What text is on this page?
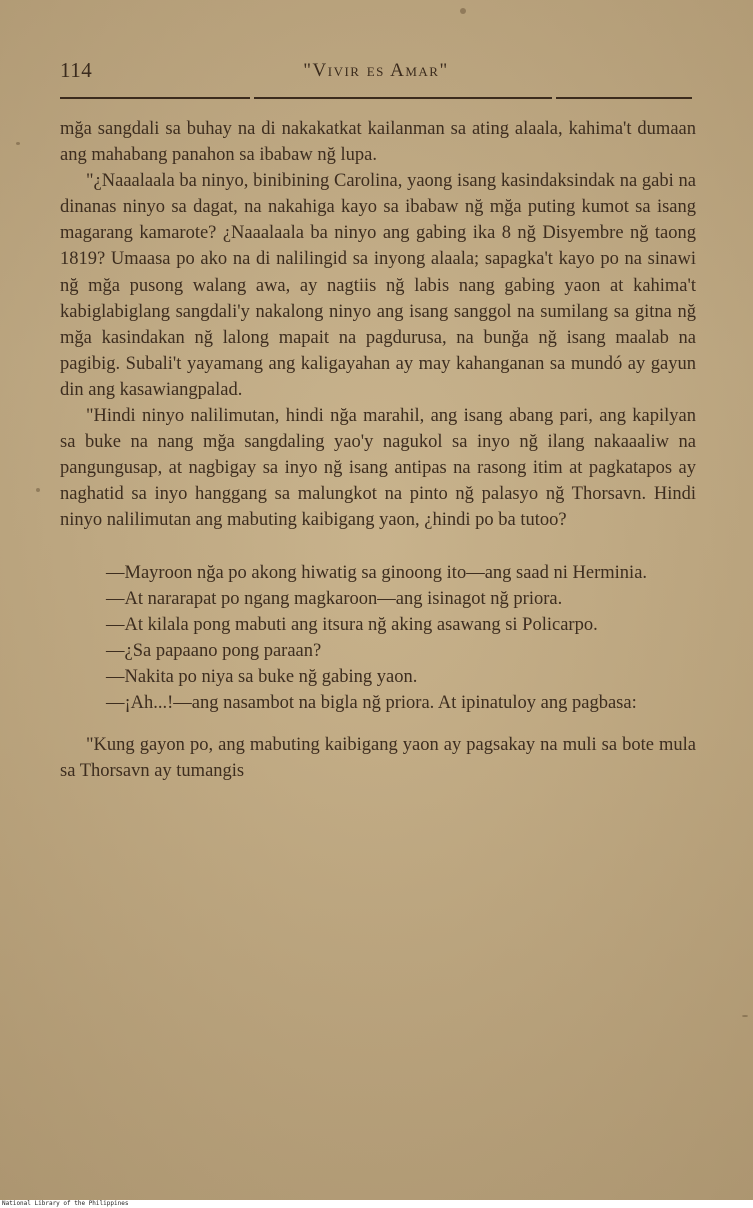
114	"Vivir es Amar"

mğa sangdali sa buhay na di nakakatkat kailanman sa ating alaala, kahima't dumaan ang mahabang panahon sa ibabaw nğ lupa.

"¿Naaalaala ba ninyo, binibining Carolina, yaong isang kasindaksindak na gabi na dinanas ninyo sa dagat, na nakahiga kayo sa ibabaw nğ mğa puting kumot sa isang magarang kamarote? ¿Naaalaala ba ninyo ang gabing ika 8 nğ Disyembre nğ taong 1819? Umaasa po ako na di nalilingid sa inyong alaala; sapagka't kayo po na sinawi nğ mğa pusong walang awa, ay nagtiis nğ labis nang gabing yaon at kahima't kabiglabiglang sangdali'y nakalong ninyo ang isang sanggol na sumilang sa gitna nğ mğa kasindakan nğ lalong mapait na pagdurusa, na bunğa nğ isang maalab na pagibig. Subali't yayamang ang kaligayahan ay may kahanganan sa mundó ay gayun din ang kasawiangpalad.

"Hindi ninyo nalilimutan, hindi nğa marahil, ang isang abang pari, ang kapilyan sa buke na nang mğa sangdaling yao'y nagukol sa inyo nğ ilang nakaaaliw na pangungusap, at nagbigay sa inyo nğ isang antipas na rasong itim at pagkatapos ay naghatid sa inyo hanggang sa malungkot na pinto nğ palasyo nğ Thorsavn. Hindi ninyo nalilimutan ang mabuting kaibigang yaon, ¿hindi po ba tutoo?

—Mayroon nğa po akong hiwatig sa ginoong ito—ang saad ni Herminia.

—At nararapat po ngang magkaroon—ang isinagot nğ priora.

—At kilala pong mabuti ang itsura nğ aking asawang si Policarpo.

—¿Sa papaano pong paraan?

—Nakita po niya sa buke nğ gabing yaon.

—¡Ah...!—ang nasambot na bigla nğ priora. At ipinatuloy ang pagbasa:

"Kung gayon po, ang mabuting kaibigang yaon ay pagsakay na muli sa bote mula sa Thorsavn ay tumangis

National Library of the Philippines
